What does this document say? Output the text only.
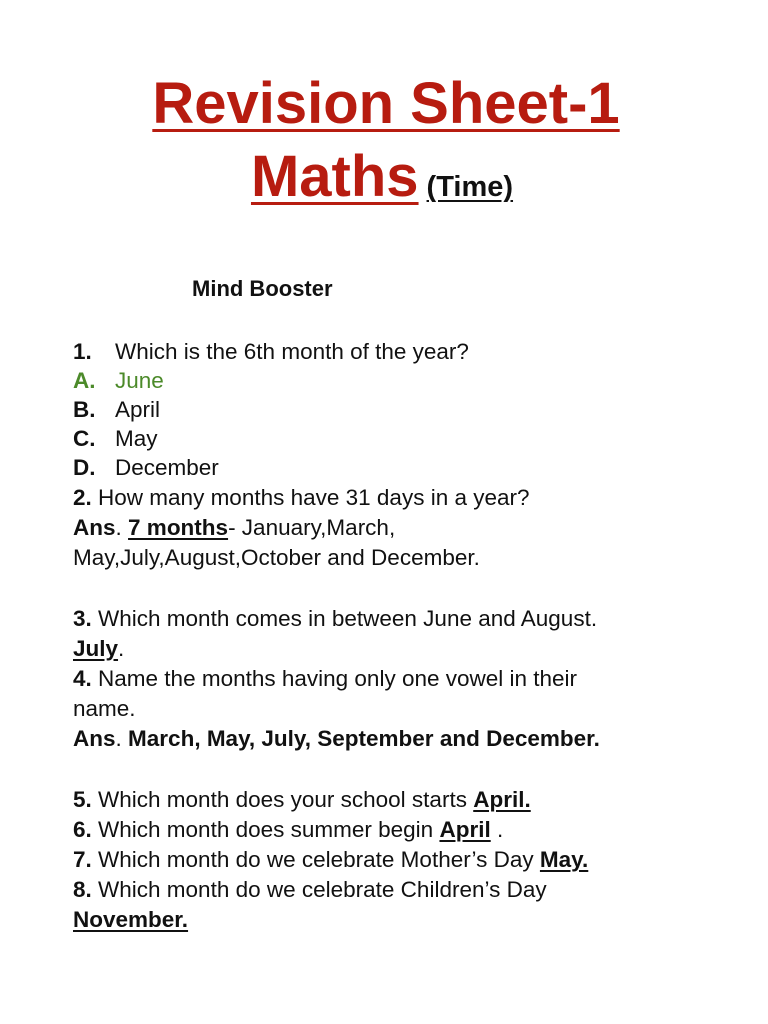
Revision Sheet-1
Maths (Time)
Mind Booster
1. Which is the 6th month of the year?
A. June
B. April
C. May
D. December
2. How many months have 31 days in a year?
Ans. 7 months- January,March,
May,July,August,October and December.
3. Which month comes in between June and August.
July.
4. Name the months having only one vowel in their
name.
Ans. March, May, July, September and December.
5. Which month does your school starts April.
6. Which month does summer begin April .
7. Which month do we celebrate Mother’s Day May.
8. Which month do we celebrate Children’s Day
November.
